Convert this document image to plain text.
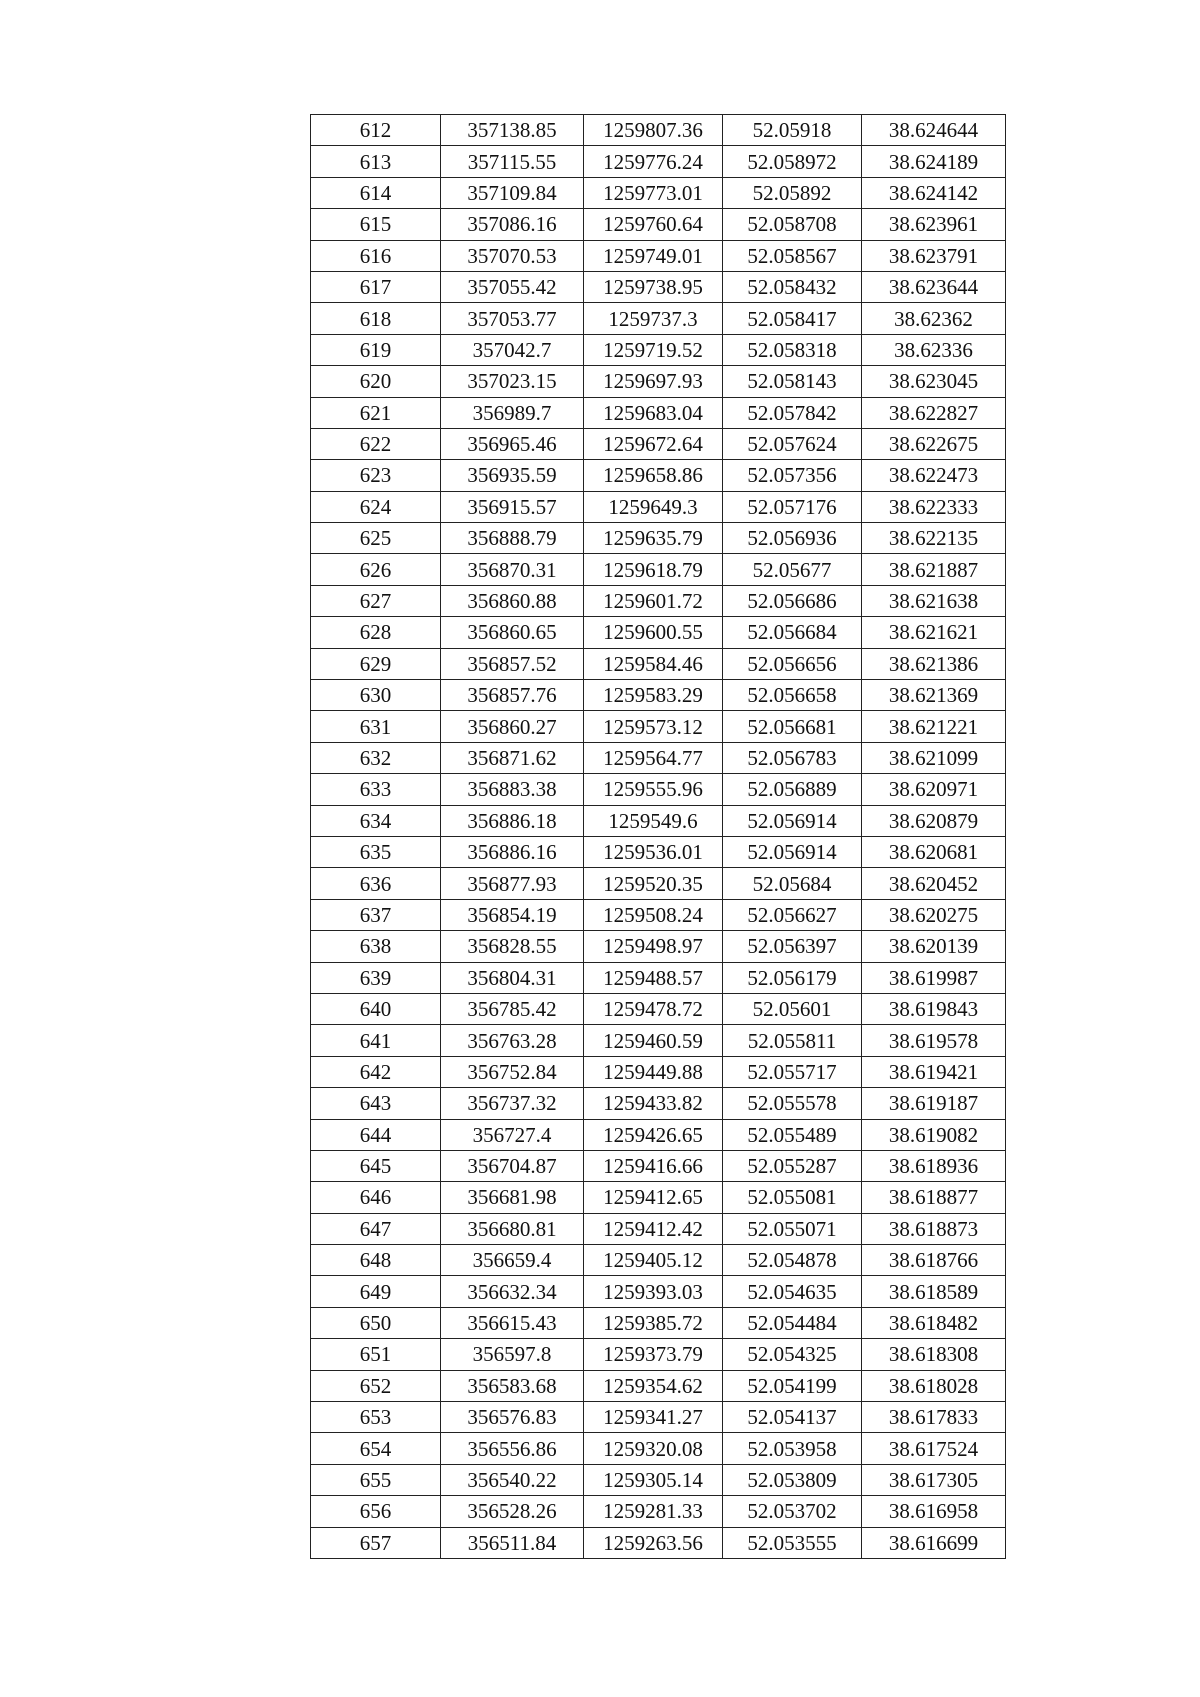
612	357138.85	1259807.36	52.05918	38.624644
613	357115.55	1259776.24	52.058972	38.624189
614	357109.84	1259773.01	52.05892	38.624142
615	357086.16	1259760.64	52.058708	38.623961
616	357070.53	1259749.01	52.058567	38.623791
617	357055.42	1259738.95	52.058432	38.623644
618	357053.77	1259737.3	52.058417	38.62362
619	357042.7	1259719.52	52.058318	38.62336
620	357023.15	1259697.93	52.058143	38.623045
621	356989.7	1259683.04	52.057842	38.622827
622	356965.46	1259672.64	52.057624	38.622675
623	356935.59	1259658.86	52.057356	38.622473
624	356915.57	1259649.3	52.057176	38.622333
625	356888.79	1259635.79	52.056936	38.622135
626	356870.31	1259618.79	52.05677	38.621887
627	356860.88	1259601.72	52.056686	38.621638
628	356860.65	1259600.55	52.056684	38.621621
629	356857.52	1259584.46	52.056656	38.621386
630	356857.76	1259583.29	52.056658	38.621369
631	356860.27	1259573.12	52.056681	38.621221
632	356871.62	1259564.77	52.056783	38.621099
633	356883.38	1259555.96	52.056889	38.620971
634	356886.18	1259549.6	52.056914	38.620879
635	356886.16	1259536.01	52.056914	38.620681
636	356877.93	1259520.35	52.05684	38.620452
637	356854.19	1259508.24	52.056627	38.620275
638	356828.55	1259498.97	52.056397	38.620139
639	356804.31	1259488.57	52.056179	38.619987
640	356785.42	1259478.72	52.05601	38.619843
641	356763.28	1259460.59	52.055811	38.619578
642	356752.84	1259449.88	52.055717	38.619421
643	356737.32	1259433.82	52.055578	38.619187
644	356727.4	1259426.65	52.055489	38.619082
645	356704.87	1259416.66	52.055287	38.618936
646	356681.98	1259412.65	52.055081	38.618877
647	356680.81	1259412.42	52.055071	38.618873
648	356659.4	1259405.12	52.054878	38.618766
649	356632.34	1259393.03	52.054635	38.618589
650	356615.43	1259385.72	52.054484	38.618482
651	356597.8	1259373.79	52.054325	38.618308
652	356583.68	1259354.62	52.054199	38.618028
653	356576.83	1259341.27	52.054137	38.617833
654	356556.86	1259320.08	52.053958	38.617524
655	356540.22	1259305.14	52.053809	38.617305
656	356528.26	1259281.33	52.053702	38.616958
657	356511.84	1259263.56	52.053555	38.616699
